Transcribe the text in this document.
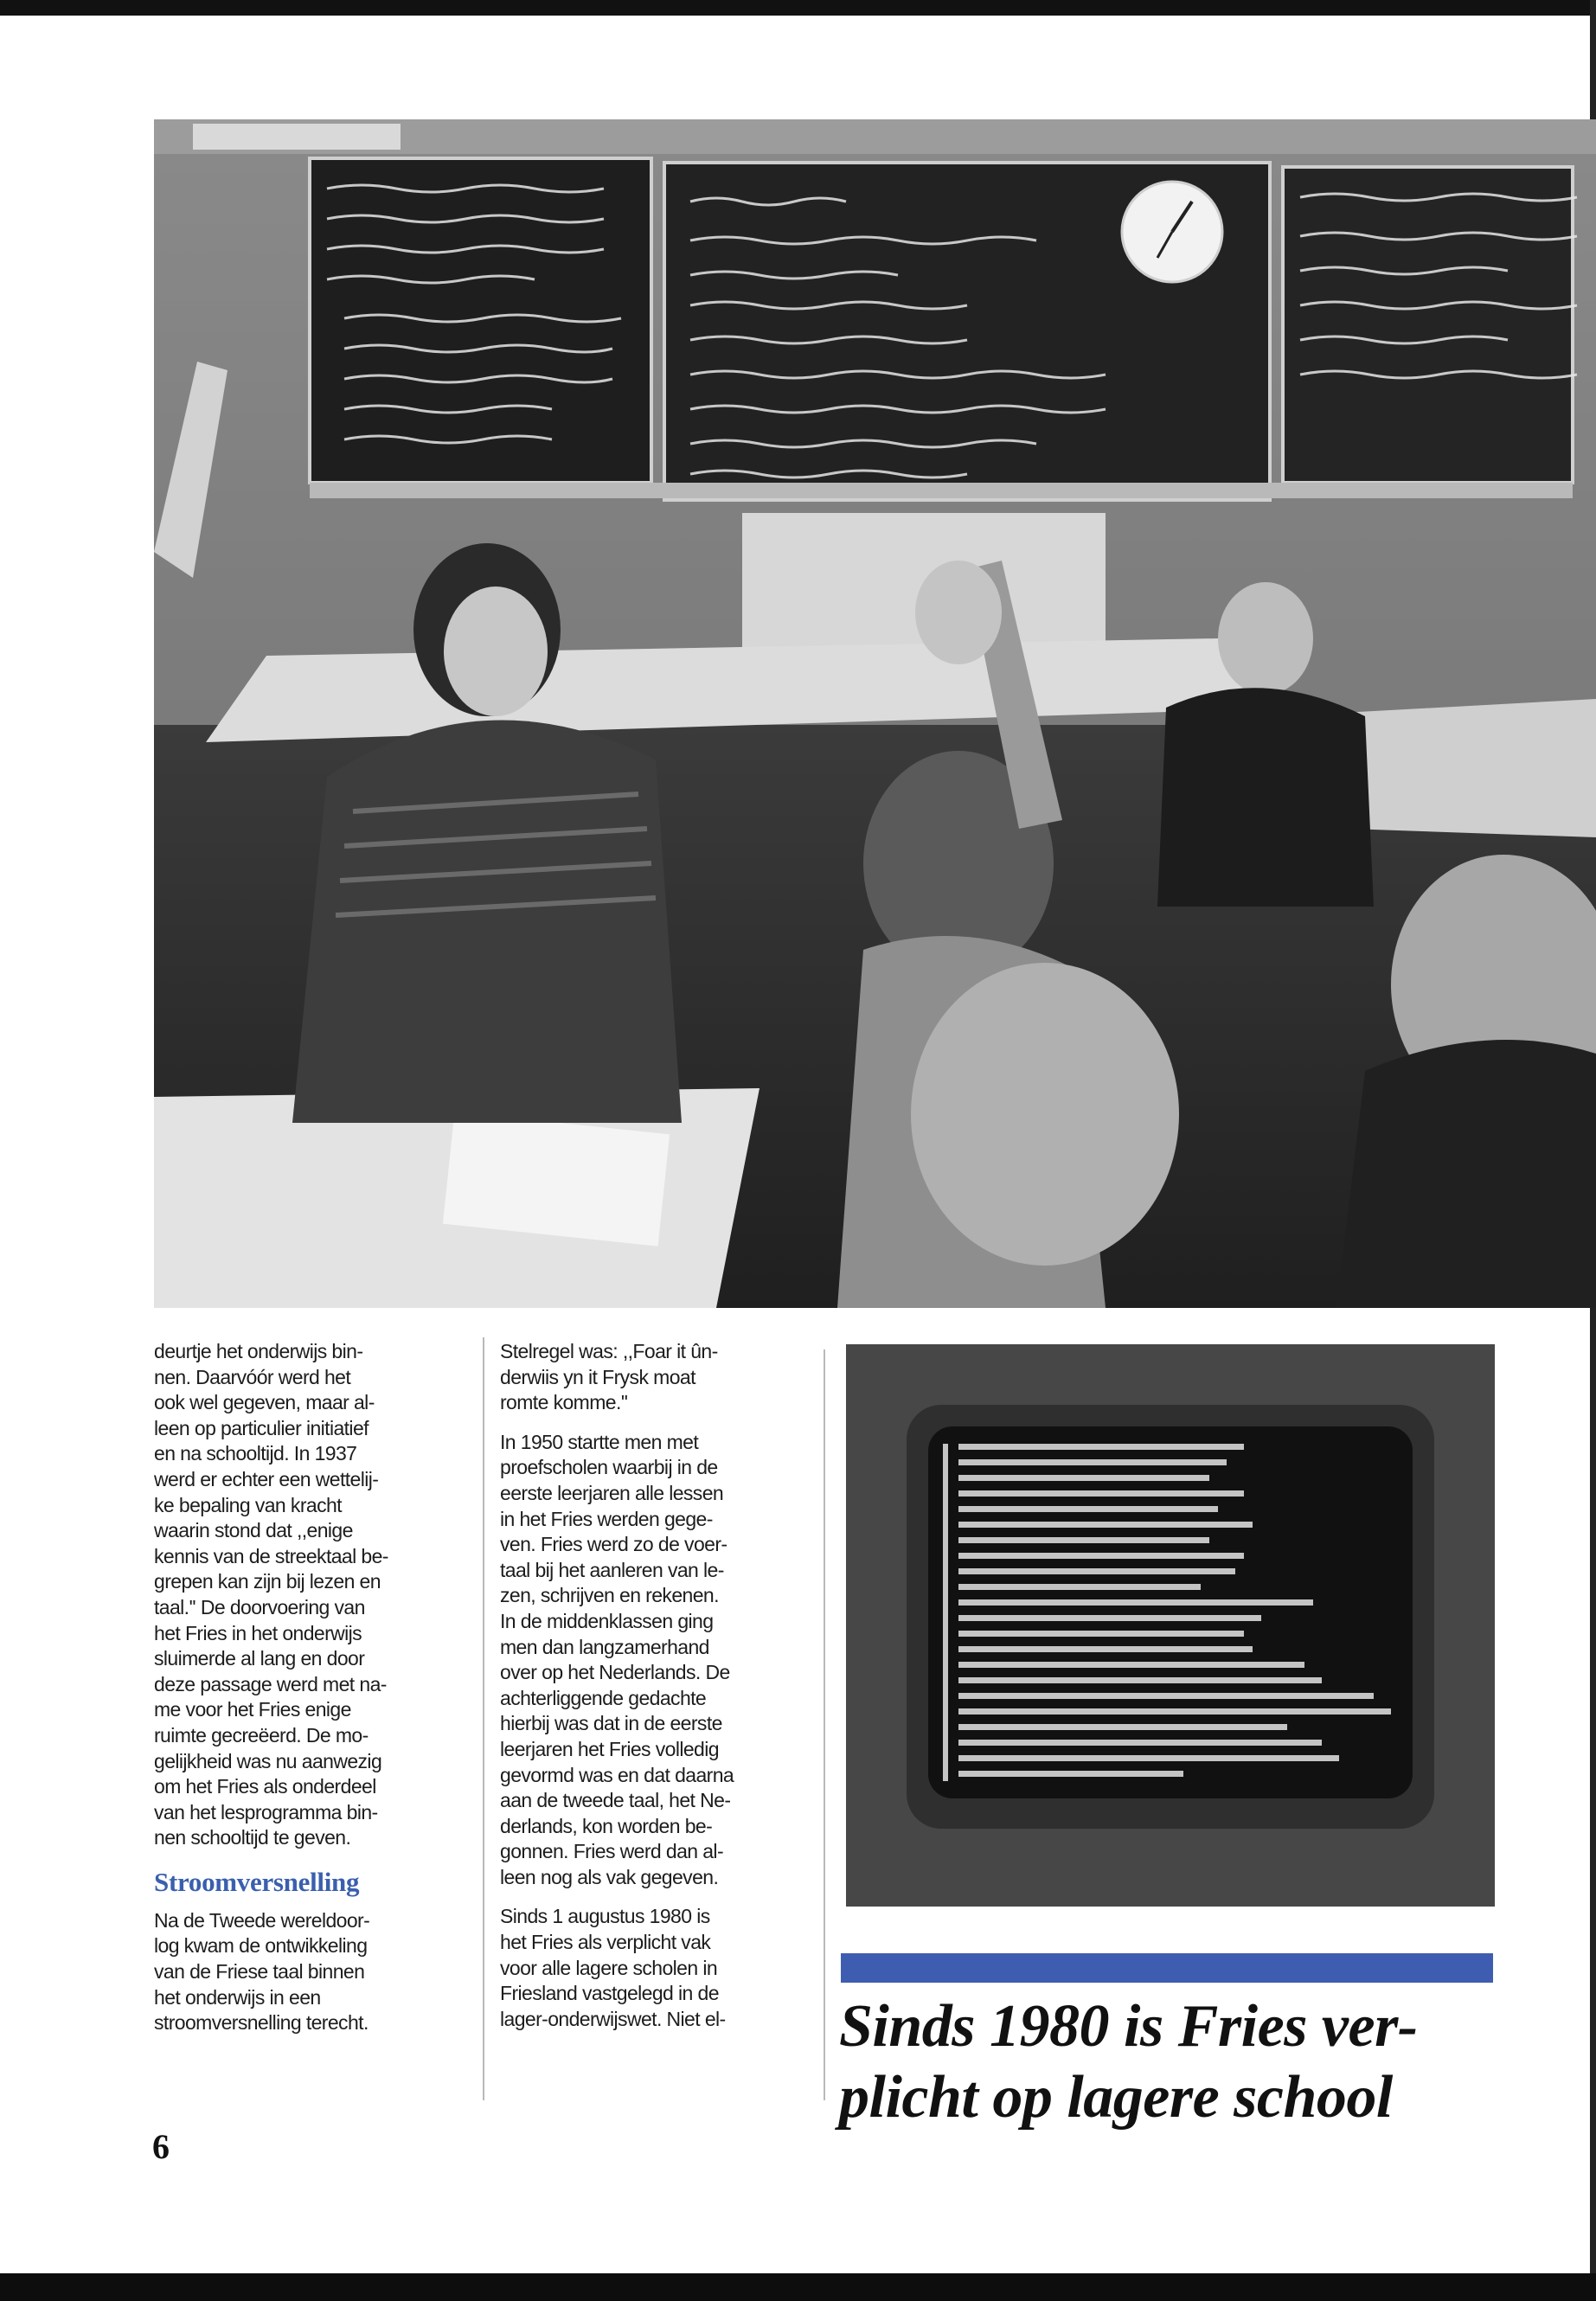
deurtje het onderwijs bin-
nen. Daarvóór werd het
ook wel gegeven, maar al-
leen op particulier initiatief
en na schooltijd. In 1937
werd er echter een wettelij-
ke bepaling van kracht
waarin stond dat ,,enige
kennis van de streektaal be-
grepen kan zijn bij lezen en
taal.'' De doorvoering van
het Fries in het onderwijs
sluimerde al lang en door
deze passage werd met na-
me voor het Fries enige
ruimte gecreëerd. De mo-
gelijkheid was nu aanwezig
om het Fries als onderdeel
van het lesprogramma bin-
nen schooltijd te geven.

Stroomversnelling

Na de Tweede wereldoor-
log kwam de ontwikkeling
van de Friese taal binnen
het onderwijs in een
stroomversnelling terecht.

Stelregel was: ,,Foar it ûn-
derwiis yn it Frysk moat
romte komme.''

In 1950 startte men met
proefscholen waarbij in de
eerste leerjaren alle lessen
in het Fries werden gege-
ven. Fries werd zo de voer-
taal bij het aanleren van le-
zen, schrijven en rekenen.
In de middenklassen ging
men dan langzamerhand
over op het Nederlands. De
achterliggende gedachte
hierbij was dat in de eerste
leerjaren het Fries volledig
gevormd was en dat daarna
aan de tweede taal, het Ne-
derlands, kon worden be-
gonnen. Fries werd dan al-
leen nog als vak gegeven.

Sinds 1 augustus 1980 is
het Fries als verplicht vak
voor alle lagere scholen in
Friesland vastgelegd in de
lager-onderwijswet. Niet el-	Sinds 1980 is Fries ver-
plicht op lagere school
6
